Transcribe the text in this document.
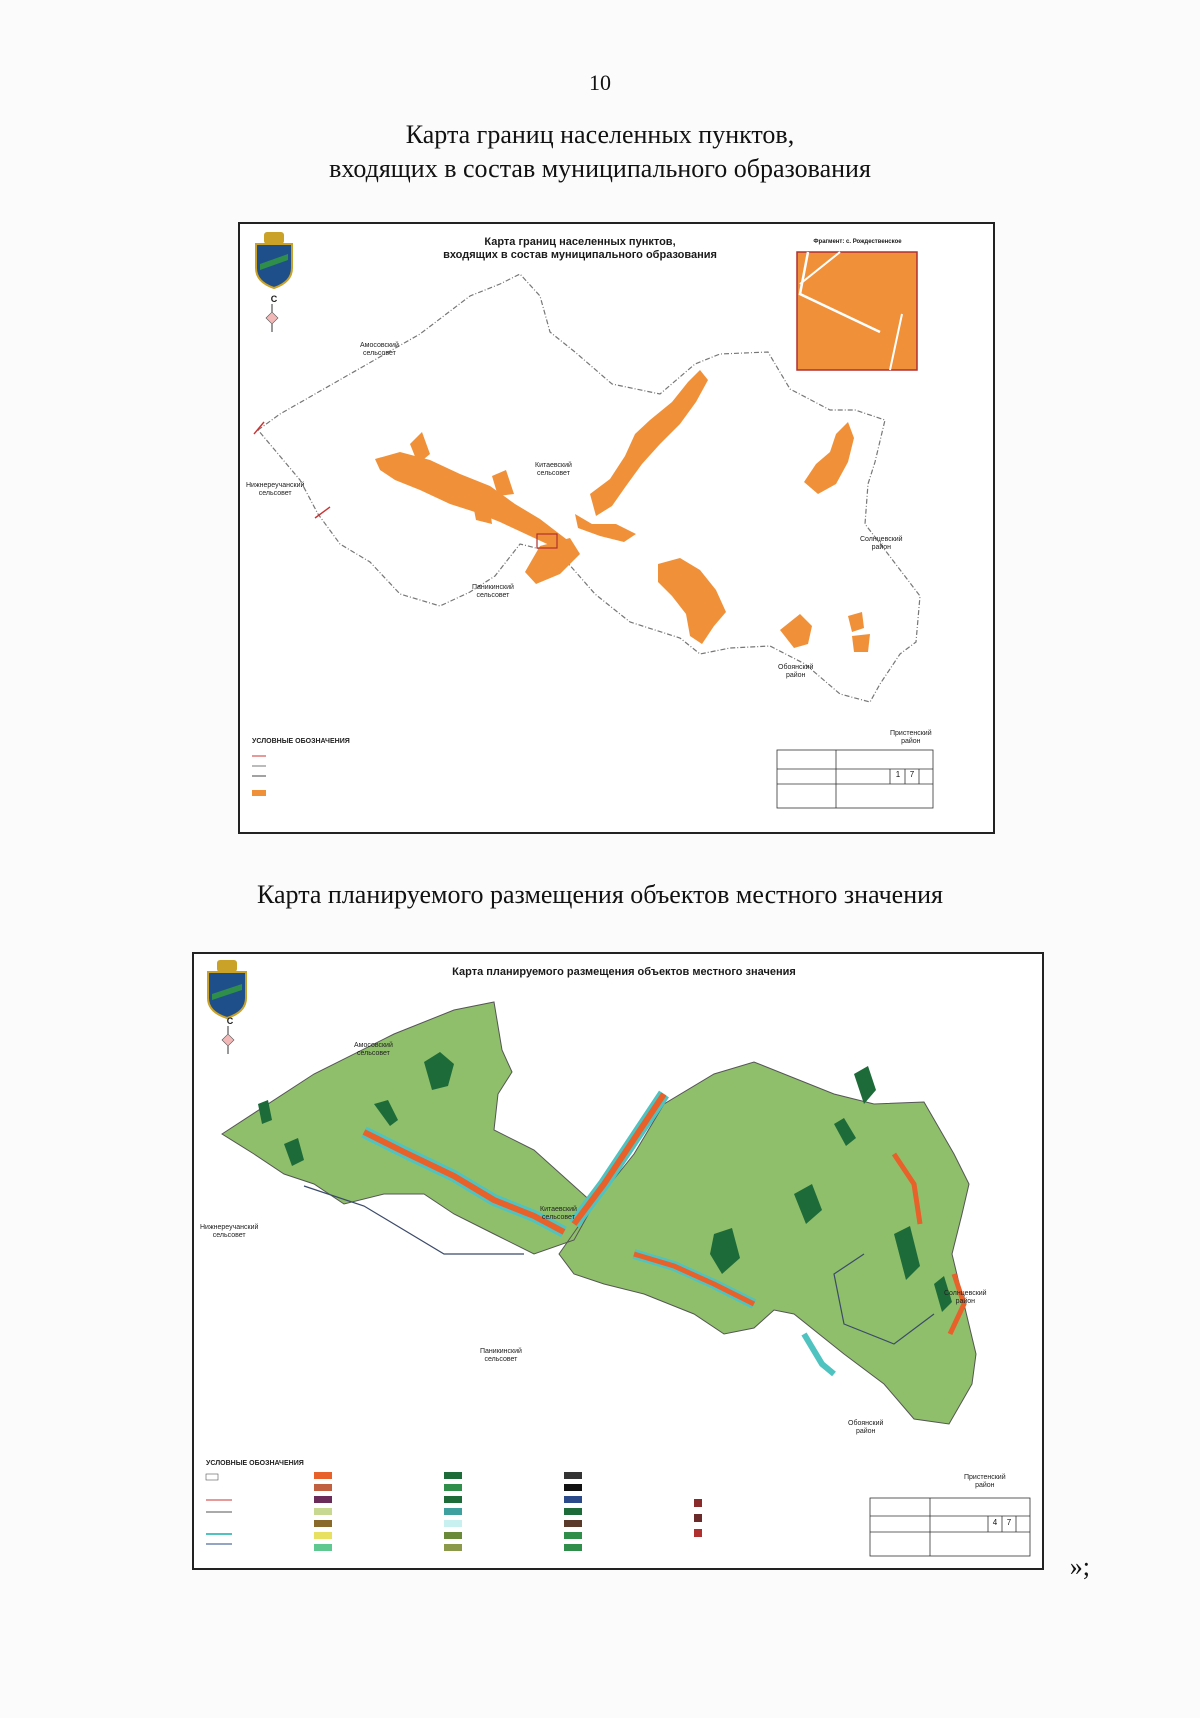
10
Карта границ населенных пунктов,
входящих в состав муниципального образования
Карта границ населенных пунктов,
входящих в состав муниципального образования
Фрагмент: с. Рождественское
С
Амосовский
сельсовет
Нижнереучанский
сельсовет
Китаевский
сельсовет
Паникинский
сельсовет
Солнцевский
район
Обоянский
район
Пристенский
район
УСЛОВНЫЕ ОБОЗНАЧЕНИЯ
1	7
Карта планируемого размещения объектов местного значения
Карта планируемого размещения объектов местного значения
С
Амосовский
сельсовет
Нижнереучанский
сельсовет
Китаевский
сельсовет
Паникинский
сельсовет
Солнцевский
район
Обоянский
район
Пристенский
район
УСЛОВНЫЕ ОБОЗНАЧЕНИЯ
4	7
»;
